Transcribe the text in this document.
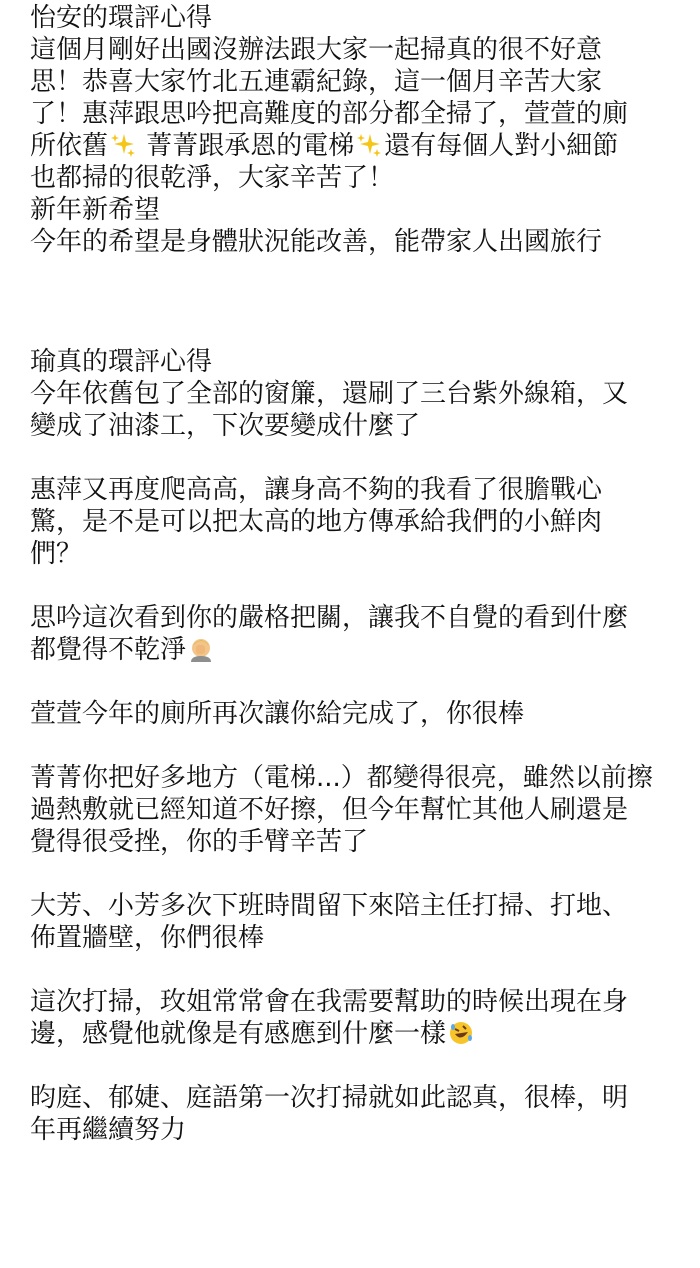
怡安的環評心得
這個月剛好出國沒辦法跟大家一起掃真的很不好意
思！恭喜大家竹北五連霸紀錄，這一個月辛苦大家
了！惠萍跟思吟把高難度的部分都全掃了，萱萱的廁
所依舊
菁菁跟承恩的電梯 還有每個人對小細節
也都掃的很乾淨，大家辛苦了！
新年新希望
今年的希望是身體狀況能改善，能帶家人出國旅行
瑜真的環評心得
今年依舊包了全部的窗簾，還刷了三台紫外線箱，又
變成了油漆工，下次要變成什麼了
惠萍又再度爬高高，讓身高不夠的我看了很膽戰心
驚，是不是可以把太高的地方傳承給我們的小鮮肉
們？
思吟這次看到你的嚴格把關，讓我不自覺的看到什麼
都覺得不乾淨
萱萱今年的廁所再次讓你給完成了，你很棒
菁菁你把好多地方（電梯...）都變得很亮，雖然以前擦
過熱敷就已經知道不好擦，但今年幫忙其他人刷還是
覺得很受挫，你的手臂辛苦了
大芳、小芳多次下班時間留下來陪主任打掃、打地、
佈置牆壁，你們很棒
這次打掃，玫姐常常會在我需要幫助的時候出現在身
邊，感覺他就像是有感應到什麼一樣
昀庭、郁婕、庭語第一次打掃就如此認真，很棒，明
年再繼續努力
